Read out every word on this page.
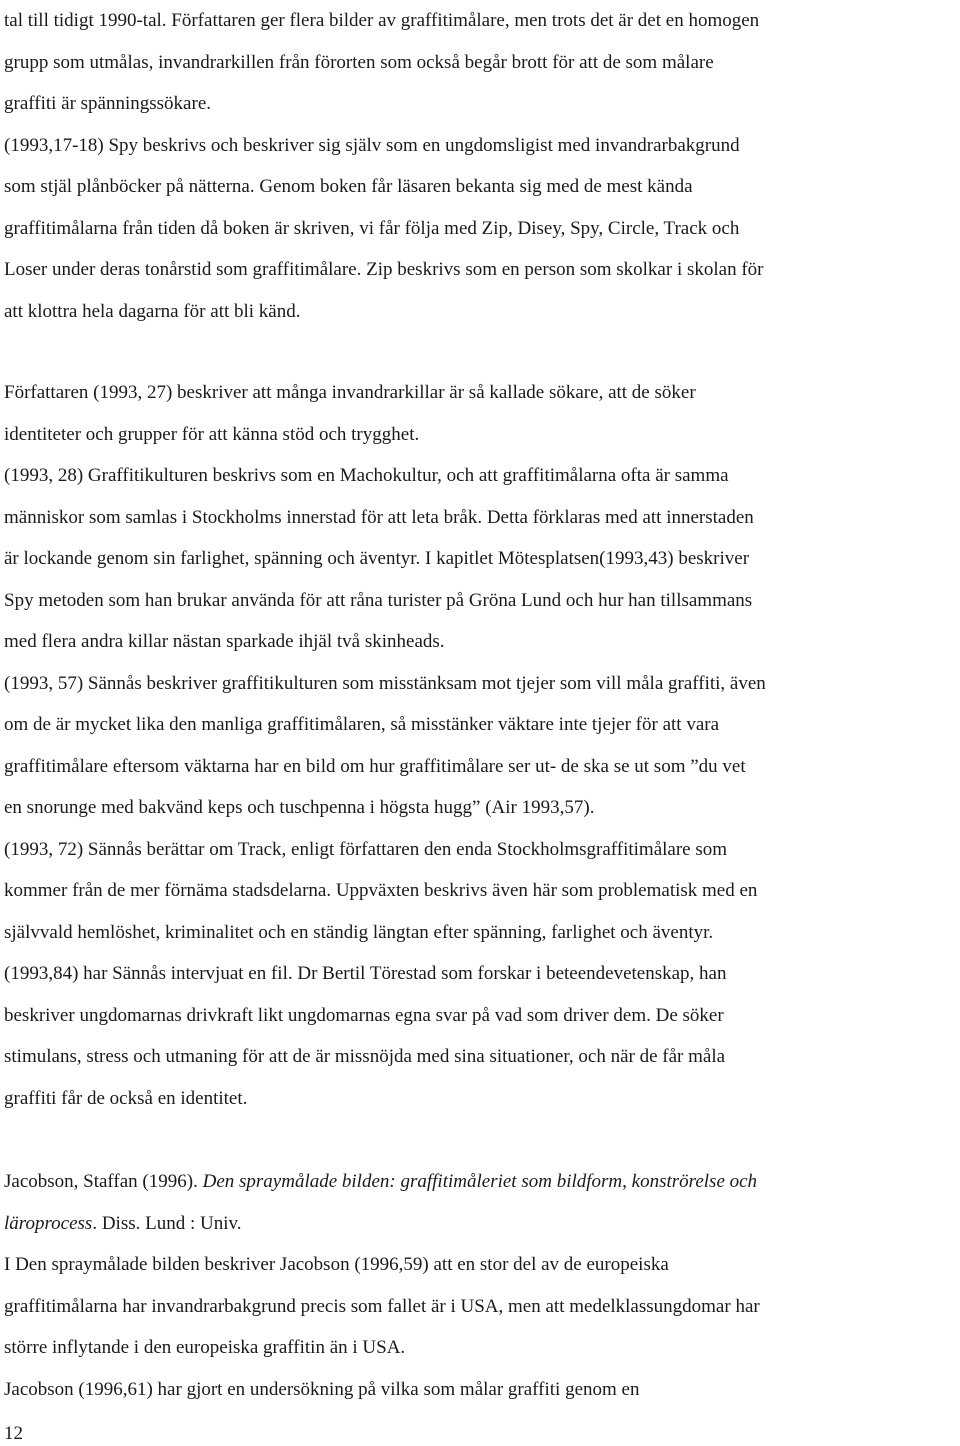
tal till tidigt 1990-tal. Författaren ger flera bilder av graffitimålare, men trots det är det en homogen
grupp som utmålas, invandrarkillen från förorten som också begår brott för att de som målare
graffiti är spänningssökare.
(1993,17-18) Spy beskrivs och beskriver sig själv som en ungdomsligist med invandrarbakgrund
som stjäl plånböcker på nätterna. Genom boken får läsaren bekanta sig med de mest kända
graffitimålarna från tiden då boken är skriven, vi får följa med Zip, Disey, Spy, Circle, Track och
Loser under deras tonårstid som graffitimålare. Zip beskrivs som en person som skolkar i skolan för
att klottra hela dagarna för att bli känd.

Författaren (1993, 27) beskriver att många invandrarkillar är så kallade sökare, att de söker
identiteter och grupper för att känna stöd och trygghet.
(1993, 28) Graffitikulturen beskrivs som en Machokultur, och att graffitimålarna ofta är samma
människor som samlas i Stockholms innerstad för att leta bråk. Detta förklaras med att innerstaden
är lockande genom sin farlighet, spänning och äventyr. I kapitlet Mötesplatsen(1993,43) beskriver
Spy metoden som han brukar använda för att råna turister på Gröna Lund och hur han tillsammans
med flera andra killar nästan sparkade ihjäl två skinheads.
(1993, 57) Sännås beskriver graffitikulturen som misstänksam mot tjejer som vill måla graffiti, även
om de är mycket lika den manliga graffitimålaren, så misstänker väktare inte tjejer för att vara
graffitimålare eftersom väktarna har en bild om hur graffitimålare ser ut- de ska se ut som ”du vet
en snorunge med bakvänd keps och tuschpenna i högsta hugg” (Air 1993,57).
(1993, 72) Sännås berättar om Track, enligt författaren den enda Stockholmsgraffitimålare som
kommer från de mer förnäma stadsdelarna. Uppväxten beskrivs även här som problematisk med en
självvald hemlöshet, kriminalitet och en ständig längtan efter spänning, farlighet och äventyr.
(1993,84) har Sännås intervjuat en fil. Dr Bertil Törestad som forskar i beteendevetenskap, han
beskriver ungdomarnas drivkraft likt ungdomarnas egna svar på vad som driver dem. De söker
stimulans, stress och utmaning för att de är missnöjda med sina situationer, och när de får måla
graffiti får de också en identitet.

Jacobson, Staffan (1996). Den spraymålade bilden: graffitimåleriet som bildform, konströrelse och
läroprocess. Diss. Lund : Univ.

I Den spraymålade bilden beskriver Jacobson (1996,59) att en stor del av de europeiska
graffitimålarna har invandrarbakgrund precis som fallet är i USA, men att medelklassungdomar har
större inflytande i den europeiska graffitin än i USA.
Jacobson (1996,61) har gjort en undersökning på vilka som målar graffiti genom en

12
